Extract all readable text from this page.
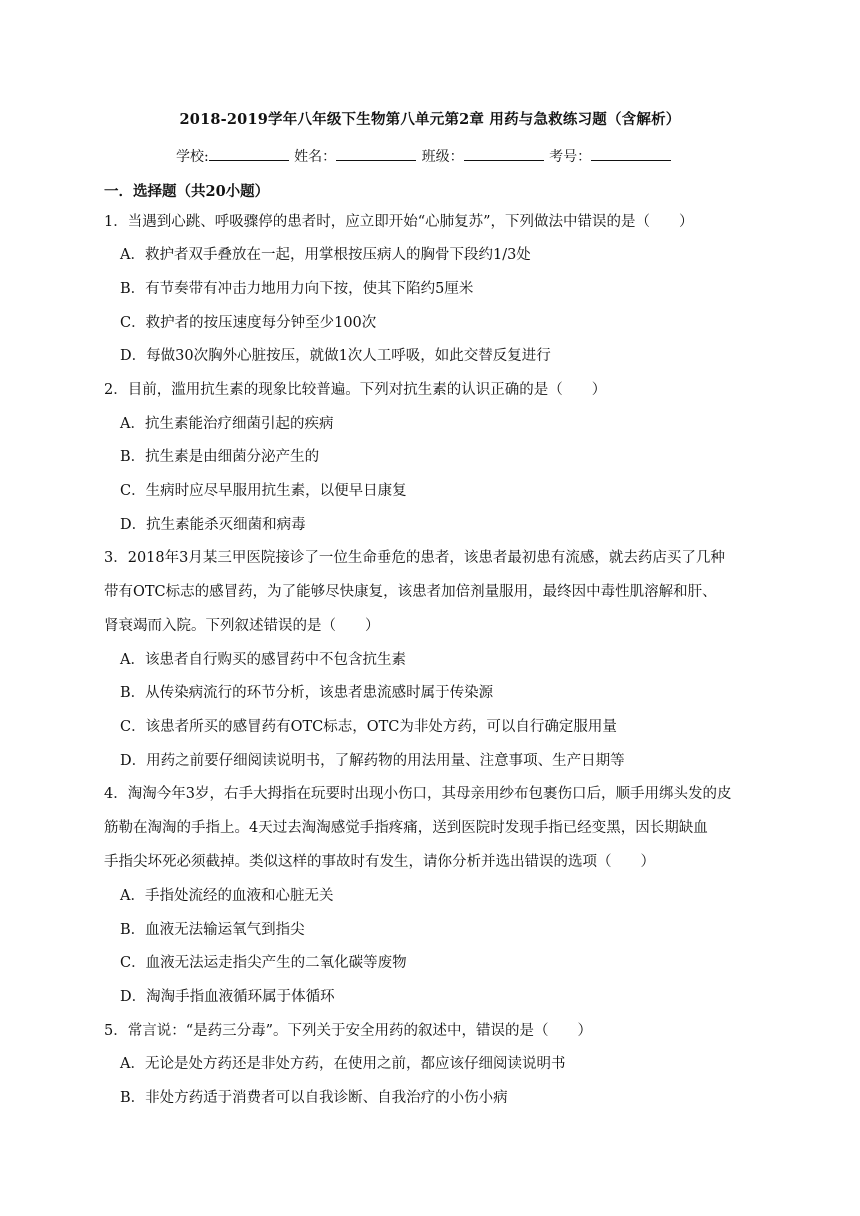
2018-2019学年八年级下生物第八单元第2章 用药与急救练习题（含解析）
学校:	姓名：	班级：	考号：
一．选择题（共20小题）
1．当遇到心跳、呼吸骤停的患者时，应立即开始“心肺复苏”，下列做法中错误的是（　　）
A．救护者双手叠放在一起，用掌根按压病人的胸骨下段约1/3处
B．有节奏带有冲击力地用力向下按，使其下陷约5厘米
C．救护者的按压速度每分钟至少100次
D．每做30次胸外心脏按压，就做1次人工呼吸，如此交替反复进行
2．目前，滥用抗生素的现象比较普遍。下列对抗生素的认识正确的是（　　）
A．抗生素能治疗细菌引起的疾病
B．抗生素是由细菌分泌产生的
C．生病时应尽早服用抗生素，以便早日康复
D．抗生素能杀灭细菌和病毒
3．2018年3月某三甲医院接诊了一位生命垂危的患者，该患者最初患有流感，就去药店买了几种
带有OTC标志的感冒药，为了能够尽快康复，该患者加倍剂量服用，最终因中毒性肌溶解和肝、
肾衰竭而入院。下列叙述错误的是（　　）
A．该患者自行购买的感冒药中不包含抗生素
B．从传染病流行的环节分析，该患者患流感时属于传染源
C．该患者所买的感冒药有OTC标志，OTC为非处方药，可以自行确定服用量
D．用药之前要仔细阅读说明书，了解药物的用法用量、注意事项、生产日期等
4．淘淘今年3岁，右手大拇指在玩要时出现小伤口，其母亲用纱布包裹伤口后，顺手用绑头发的皮
筋勒在淘淘的手指上。4天过去淘淘感觉手指疼痛，送到医院时发现手指已经变黑，因长期缺血
手指尖坏死必须截掉。类似这样的事故时有发生，请你分析并选出错误的选项（　　）
A．手指处流经的血液和心脏无关
B．血液无法输运氧气到指尖
C．血液无法运走指尖产生的二氧化碳等废物
D．淘淘手指血液循环属于体循环
5．常言说：“是药三分毒”。下列关于安全用药的叙述中，错误的是（　　）
A．无论是处方药还是非处方药，在使用之前，都应该仔细阅读说明书
B．非处方药适于消费者可以自我诊断、自我治疗的小伤小病
